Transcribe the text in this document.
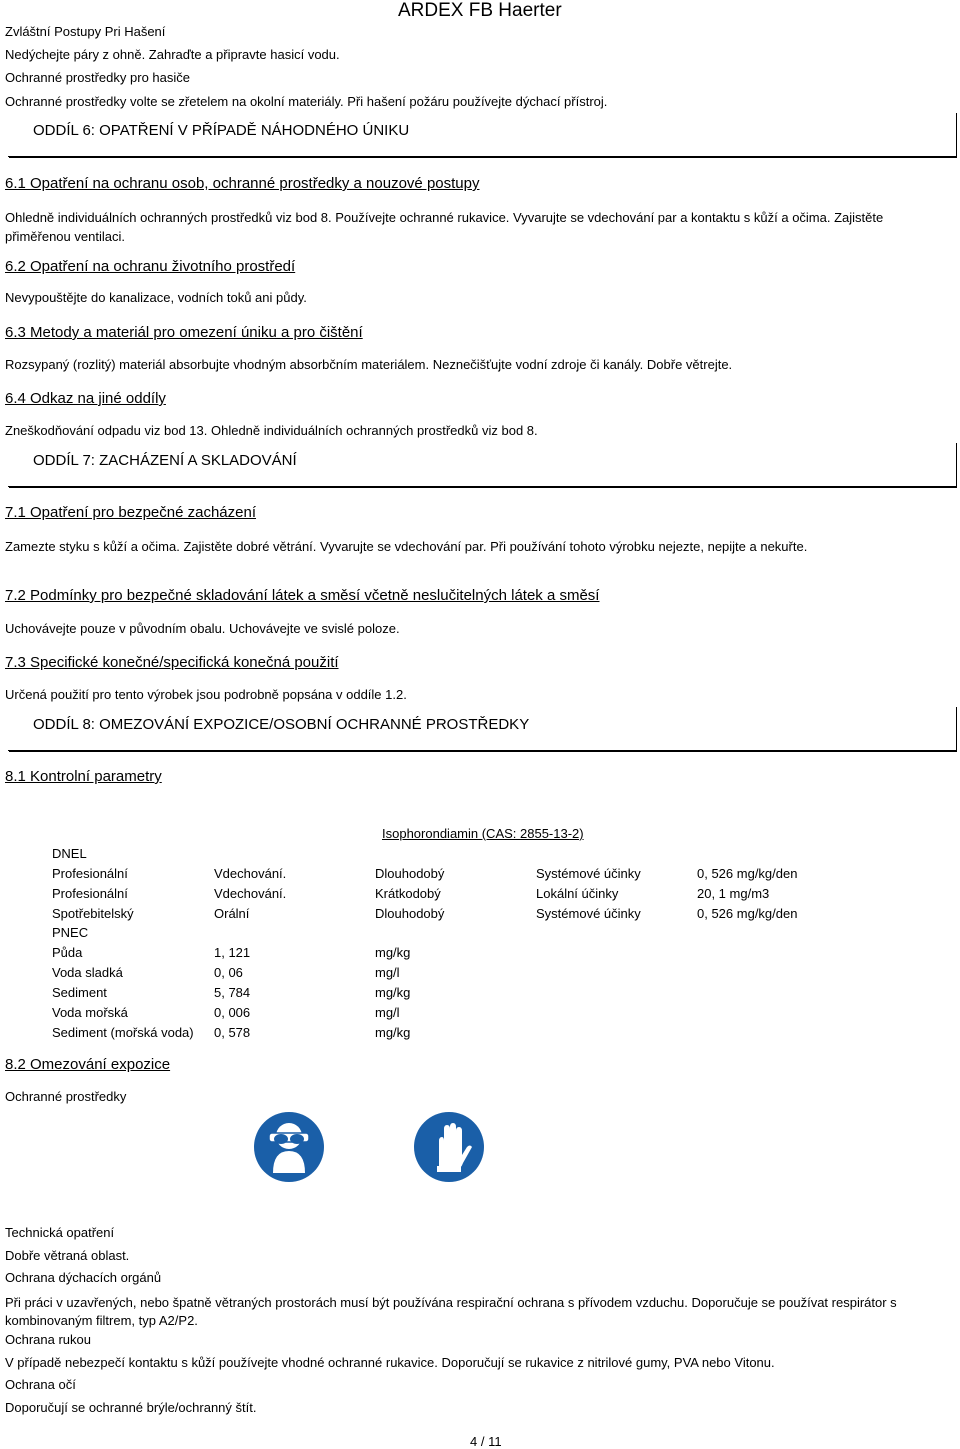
ARDEX FB Haerter
Zvláštní Postupy Pri Hašení
Nedýchejte páry z ohně. Zahraďte a připravte hasicí vodu.
Ochranné prostředky pro hasiče
Ochranné prostředky volte se zřetelem na okolní materiály. Při hašení požáru používejte dýchací přístroj.
ODDÍL 6: OPATŘENÍ V PŘÍPADĚ NÁHODNÉHO ÚNIKU
6.1 Opatření na ochranu osob, ochranné prostředky a nouzové postupy
Ohledně individuálních ochranných prostředků viz bod 8. Používejte ochranné rukavice. Vyvarujte se vdechování par a kontaktu s kůží a očima. Zajistěte přiměřenou ventilaci.
6.2 Opatření na ochranu životního prostředí
Nevypouštějte do kanalizace, vodních toků ani půdy.
6.3 Metody a materiál pro omezení úniku a pro čištění
Rozsypaný (rozlitý) materiál absorbujte vhodným absorbčním materiálem. Neznečišťujte vodní zdroje či kanály. Dobře větrejte.
6.4 Odkaz na jiné oddíly
Zneškodňování odpadu viz bod 13. Ohledně individuálních ochranných prostředků viz bod 8.
ODDÍL 7: ZACHÁZENÍ A SKLADOVÁNÍ
7.1 Opatření pro bezpečné zacházení
Zamezte styku s kůží a očima. Zajistěte dobré větrání. Vyvarujte se vdechování par. Při používání tohoto výrobku nejezte, nepijte a nekuřte.
7.2 Podmínky pro bezpečné skladování látek a směsí včetně neslučitelných látek a směsí
Uchovávejte pouze v původním obalu. Uchovávejte ve svislé poloze.
7.3 Specifické konečné/specifická konečná použití
Určená použití pro tento výrobek jsou podrobně popsána v oddíle 1.2.
ODDÍL 8: OMEZOVÁNÍ EXPOZICE/OSOBNÍ OCHRANNÉ PROSTŘEDKY
8.1 Kontrolní parametry
Isophorondiamin (CAS: 2855-13-2)
DNEL
Profesionální	Vdechování.	Dlouhodobý	Systémové účinky	0, 526 mg/kg/den
Profesionální	Vdechování.	Krátkodobý	Lokální účinky	20, 1 mg/m3
Spotřebitelský	Orální	Dlouhodobý	Systémové účinky	0, 526 mg/kg/den
PNEC
Půda	1, 121	mg/kg
Voda sladká	0, 06	mg/l
Sediment	5, 784	mg/kg
Voda mořská	0, 006	mg/l
Sediment (mořská voda)	0, 578	mg/kg
8.2 Omezování expozice
Ochranné prostředky
Technická opatření
Dobře větraná oblast.
Ochrana dýchacích orgánů
Při práci v uzavřených, nebo špatně větraných prostorách musí být používána respirační ochrana s přívodem vzduchu. Doporučuje se používat respirátor s kombinovaným filtrem, typ A2/P2.
Ochrana rukou
V případě nebezpečí kontaktu s kůží používejte vhodné ochranné rukavice. Doporučují se rukavice z nitrilové gumy, PVA nebo Vitonu.
Ochrana očí
Doporučují se ochranné brýle/ochranný štít.
4 / 11
